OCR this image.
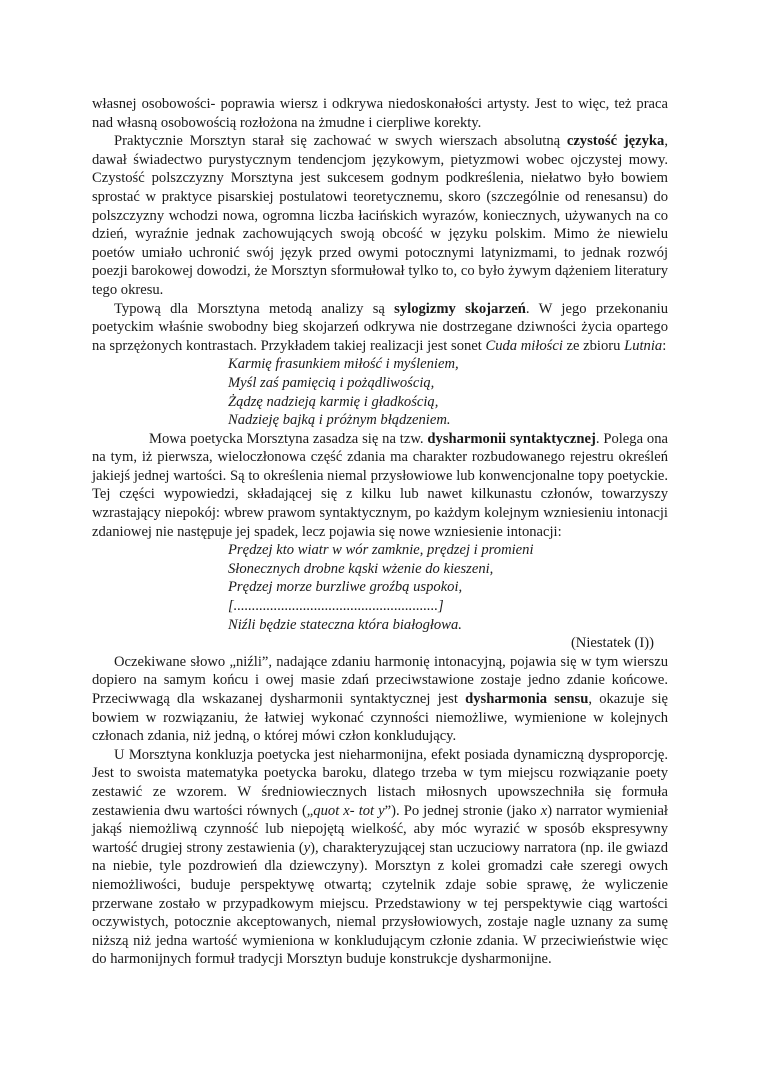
własnej osobowości- poprawia wiersz i odkrywa niedoskonałości artysty. Jest to więc, też praca nad własną osobowością rozłożona na żmudne i cierpliwe korekty.

Praktycznie Morsztyn starał się zachować w swych wierszach absolutną czystość języka, dawał świadectwo purystycznym tendencjom językowym, pietyzmowi wobec ojczystej mowy. Czystość polszczyzny Morsztyna jest sukcesem godnym podkreślenia, niełatwo było bowiem sprostać w praktyce pisarskiej postulatowi teoretycznemu, skoro (szczególnie od renesansu) do polszczyzny wchodzi nowa, ogromna liczba łacińskich wyrazów, koniecznych, używanych na co dzień, wyraźnie jednak zachowujących swoją obcość w języku polskim. Mimo że niewielu poetów umiało uchronić swój język przed owymi potocznymi latynizmami, to jednak rozwój poezji barokowej dowodzi, że Morsztyn sformułował tylko to, co było żywym dążeniem literatury tego okresu.

Typową dla Morsztyna metodą analizy są sylogizmy skojarzeń. W jego przekonaniu poetyckim właśnie swobodny bieg skojarzeń odkrywa nie dostrzegane dziwności życia opartego na sprzężonych kontrastach. Przykładem takiej realizacji jest sonet Cuda miłości ze zbioru Lutnia:

Karmię frasunkiem miłość i myśleniem,
Myśl zaś pamięcią i pożądliwością,
Żądzę nadzieją karmię i gładkością,
Nadzieję bajką i próżnym błądzeniem.

Mowa poetycka Morsztyna zasadza się na tzw. dysharmonii syntaktycznej. Polega ona na tym, iż pierwsza, wieloczłonowa część zdania ma charakter rozbudowanego rejestru określeń jakiejś jednej wartości. Są to określenia niemal przysłowiowe lub konwencjonalne topy poetyckie. Tej części wypowiedzi, składającej się z kilku lub nawet kilkunastu członów, towarzyszy wzrastający niepokój: wbrew prawom syntaktycznym, po każdym kolejnym wzniesieniu intonacji zdaniowej nie następuje jej spadek, lecz pojawia się nowe wzniesienie intonacji:

Prędzej kto wiatr w wór zamknie, prędzej i promieni
Słonecznych drobne kąski wżenie do kieszeni,
Prędzej morze burzliwe groźbą uspokoi,
[........................................................]
Niźli będzie stateczna która białogłowa.
(Niestatek (I))

Oczekiwane słowo „niźli”, nadające zdaniu harmonię intonacyjną, pojawia się w tym wierszu dopiero na samym końcu i owej masie zdań przeciwstawione zostaje jedno zdanie końcowe. Przeciwwagą dla wskazanej dysharmonii syntaktycznej jest dysharmonia sensu, okazuje się bowiem w rozwiązaniu, że łatwiej wykonać czynności niemożliwe, wymienione w kolejnych członach zdania, niż jedną, o której mówi człon konkludujący.

U Morsztyna konkluzja poetycka jest nieharmonijna, efekt posiada dynamiczną dysproporcję. Jest to swoista matematyka poetycka baroku, dlatego trzeba w tym miejscu rozwiązanie poety zestawić ze wzorem. W średniowiecznych listach miłosnych upowszechniła się formuła zestawienia dwu wartości równych („quot x- tot y”). Po jednej stronie (jako x) narrator wymieniał jakąś niemożliwą czynność lub niepojętą wielkość, aby móc wyrazić w sposób ekspresywny wartość drugiej strony zestawienia (y), charakteryzującej stan uczuciowy narratora (np. ile gwiazd na niebie, tyle pozdrowień dla dziewczyny). Morsztyn z kolei gromadzi całe szeregi owych niemożliwości, buduje perspektywę otwartą; czytelnik zdaje sobie sprawę, że wyliczenie przerwane zostało w przypadkowym miejscu. Przedstawiony w tej perspektywie ciąg wartości oczywistych, potocznie akceptowanych, niemal przysłowiowych, zostaje nagle uznany za sumę niższą niż jedna wartość wymieniona w konkludującym członie zdania. W przeciwieństwie więc do harmonijnych formuł tradycji Morsztyn buduje konstrukcje dysharmonijne.
